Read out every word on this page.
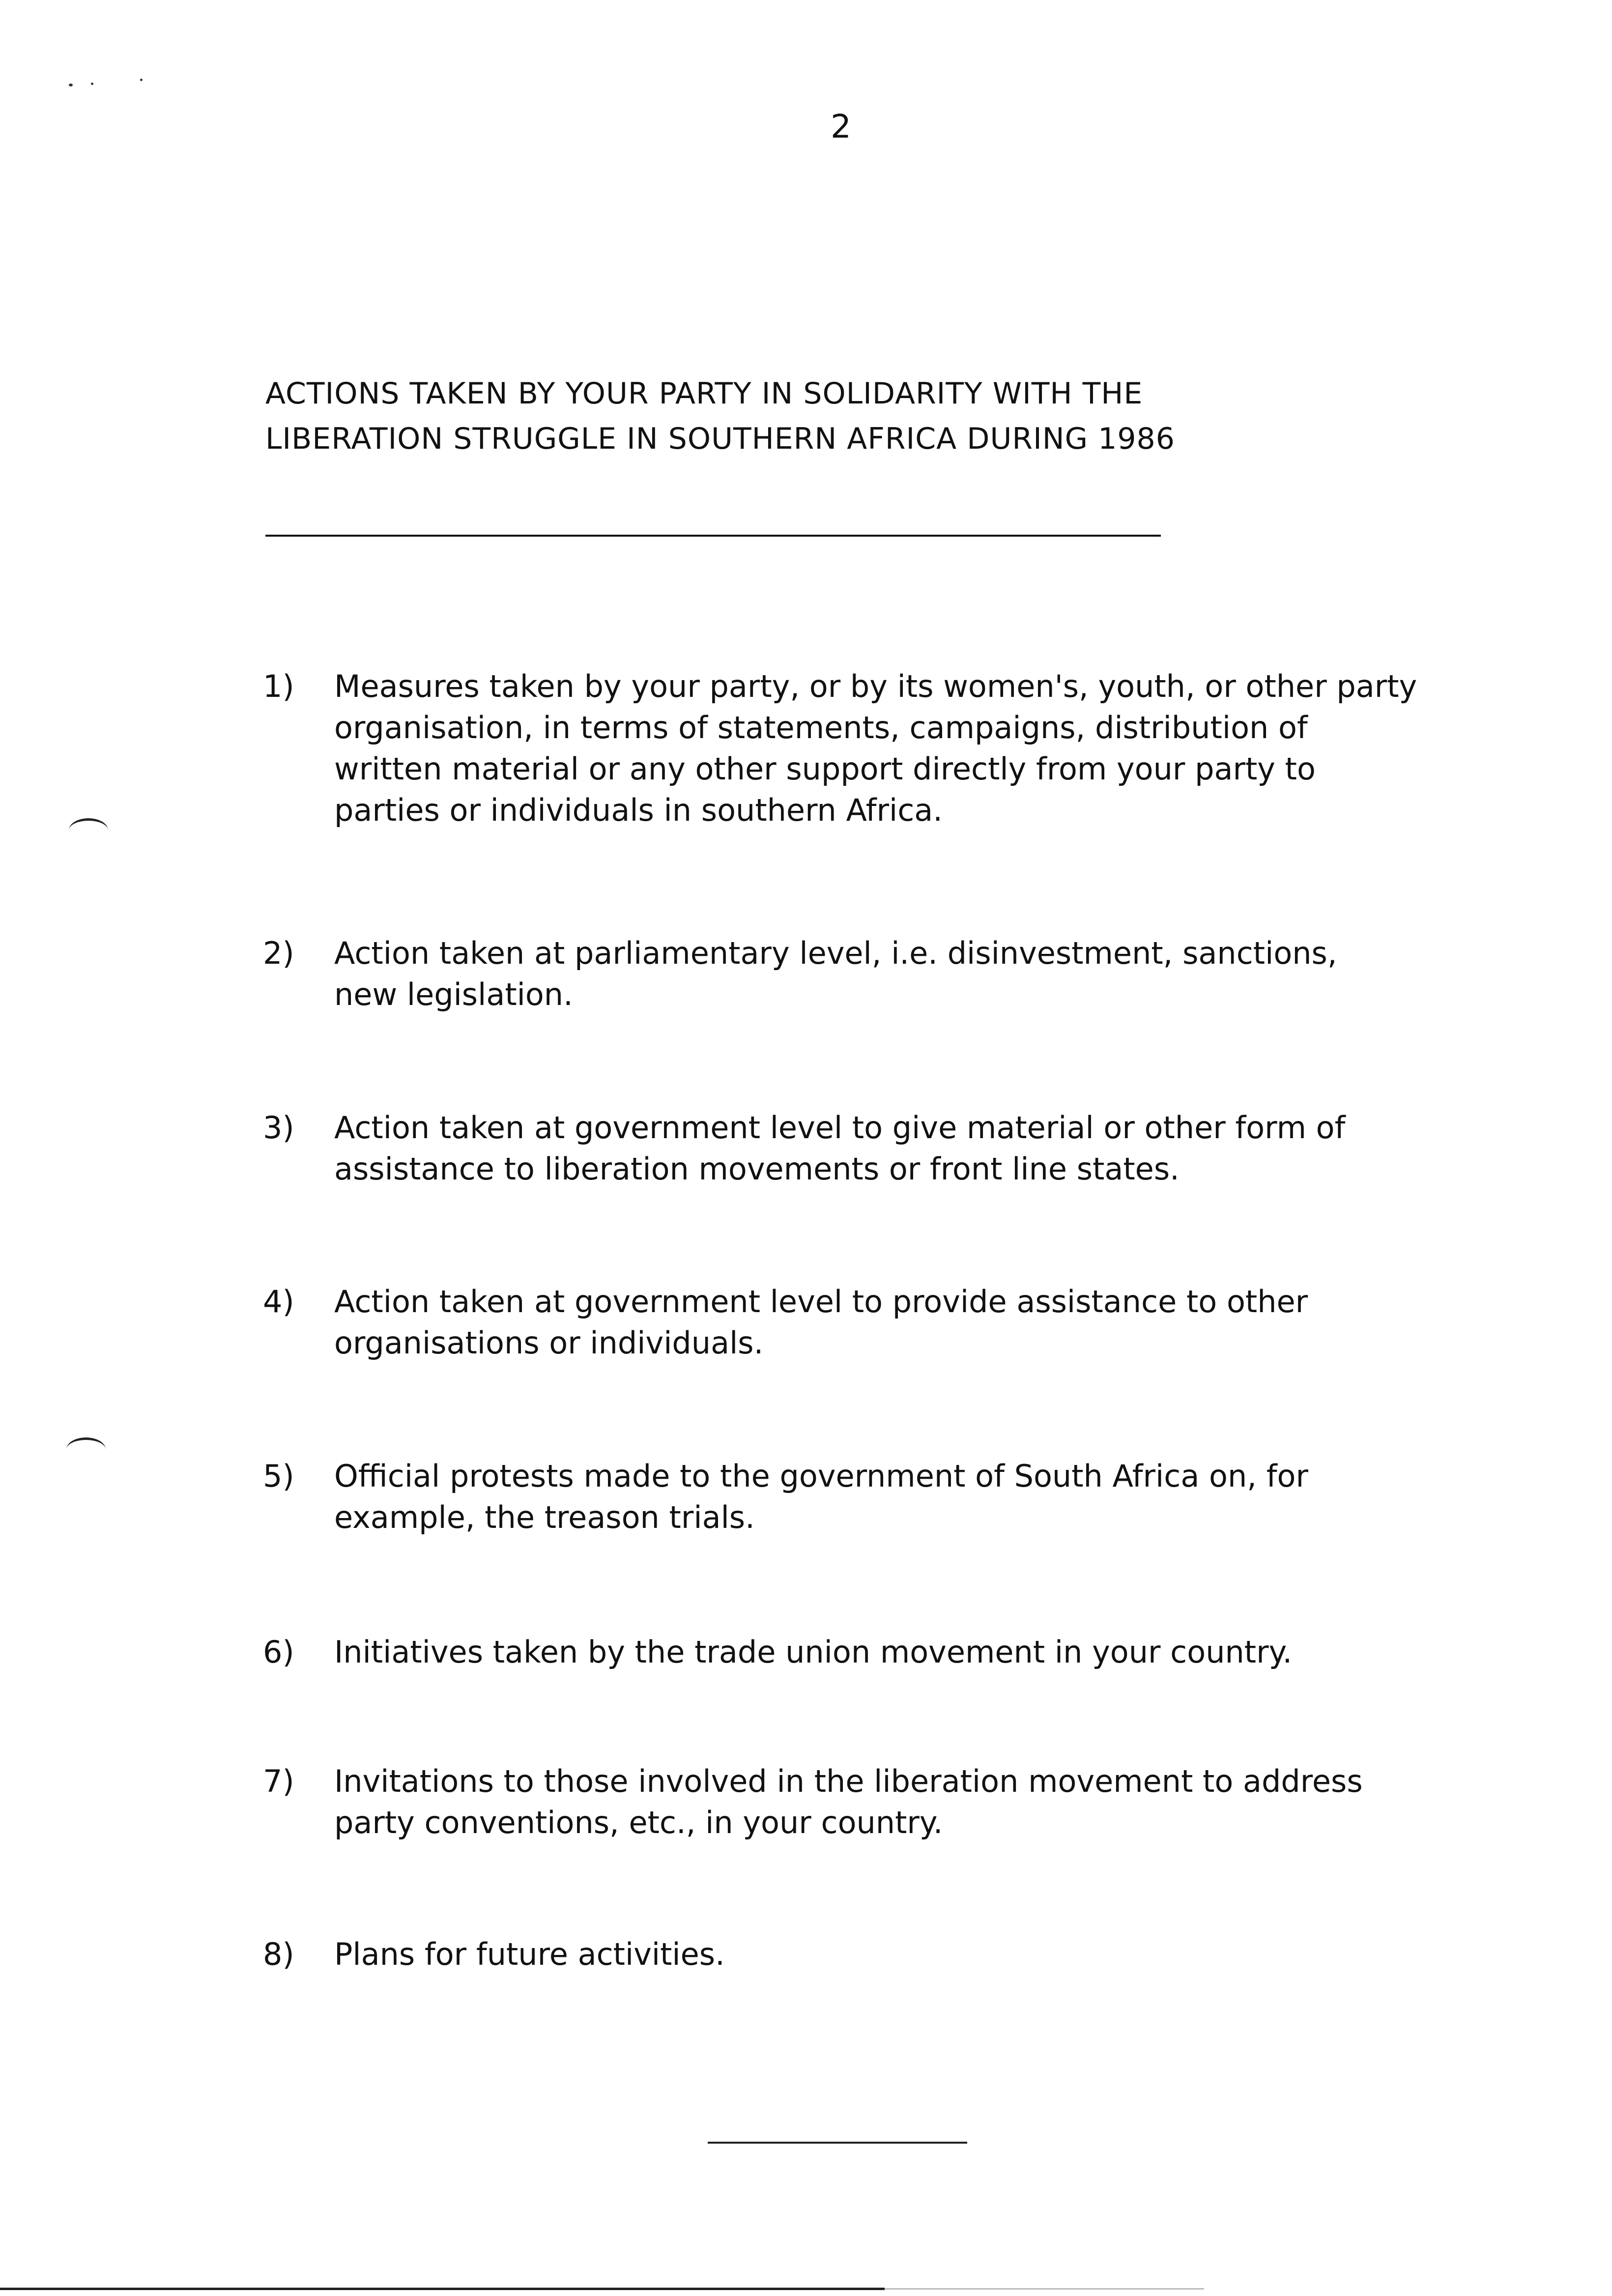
2
ACTIONS TAKEN BY YOUR PARTY IN SOLIDARITY WITH THE
LIBERATION STRUGGLE IN SOUTHERN AFRICA DURING 1986
1)	Measures taken by your party, or by its women's, youth, or other party
organisation, in terms of statements, campaigns, distribution of
written material or any other support directly from your party to
parties or individuals in southern Africa.
2)	Action taken at parliamentary level, i.e. disinvestment, sanctions,
new legislation.
3)	Action taken at government level to give material or other form of
assistance to liberation movements or front line states.
4)	Action taken at government level to provide assistance to other
organisations or individuals.
5)	Official protests made to the government of South Africa on, for
example, the treason trials.
6)	Initiatives taken by the trade union movement in your country.
7)	Invitations to those involved in the liberation movement to address
party conventions, etc., in your country.
8)	Plans for future activities.
